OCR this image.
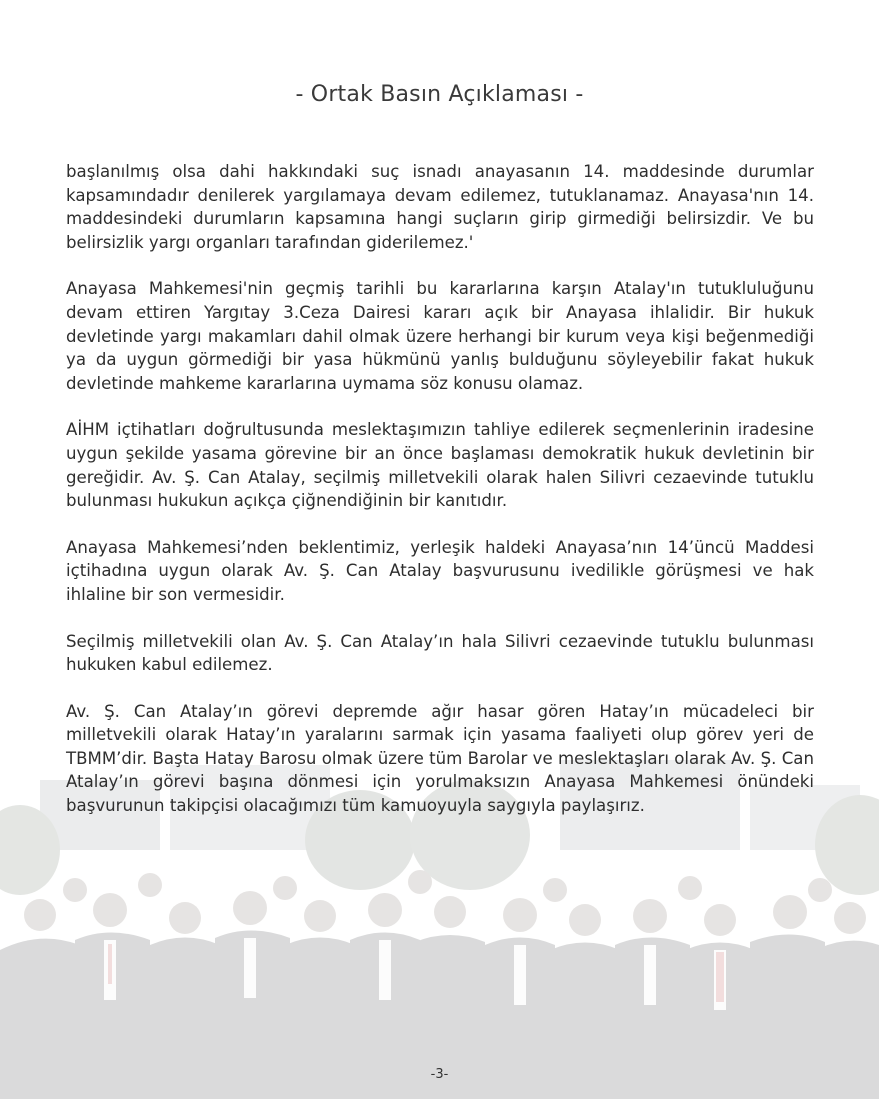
- Ortak Basın Açıklaması -

başlanılmış olsa dahi hakkındaki suç isnadı anayasanın 14. maddesinde durumlar kapsamındadır denilerek yargılamaya devam edilemez, tutuklanamaz. Anayasa'nın 14. maddesindeki durumların kapsamına hangi suçların girip girmediği belirsizdir. Ve bu belirsizlik yargı organları tarafından giderilemez.'

Anayasa Mahkemesi'nin geçmiş tarihli bu kararlarına karşın Atalay'ın tutukluluğunu devam ettiren Yargıtay 3.Ceza Dairesi kararı açık bir Anayasa ihlalidir. Bir hukuk devletinde yargı makamları dahil olmak üzere herhangi bir kurum veya kişi beğenmediği ya da uygun görmediği bir yasa hükmünü yanlış bulduğunu söyleyebilir fakat hukuk devletinde mahkeme kararlarına uymama söz konusu olamaz.

AİHM içtihatları doğrultusunda meslektaşımızın tahliye edilerek seçmenlerinin iradesine uygun şekilde yasama görevine bir an önce başlaması demokratik hukuk devletinin bir gereğidir. Av. Ş. Can Atalay, seçilmiş milletvekili olarak halen Silivri cezaevinde tutuklu bulunması hukukun açıkça çiğnendiğinin bir kanıtıdır.

Anayasa Mahkemesi’nden beklentimiz, yerleşik haldeki Anayasa’nın 14’üncü Maddesi içtihadına uygun olarak Av. Ş. Can Atalay başvurusunu ivedilikle görüşmesi ve hak ihlaline bir son vermesidir.

Seçilmiş milletvekili olan Av. Ş. Can Atalay’ın hala Silivri cezaevinde tutuklu bulunması hukuken kabul edilemez.

Av. Ş. Can Atalay’ın görevi depremde ağır hasar gören Hatay’ın mücadeleci bir milletvekili olarak Hatay’ın yaralarını sarmak için yasama faaliyeti olup görev yeri de TBMM’dir. Başta Hatay Barosu olmak üzere tüm Barolar ve meslektaşları olarak Av. Ş. Can Atalay’ın görevi başına dönmesi için yorulmaksızın Anayasa Mahkemesi önündeki başvurunun takipçisi olacağımızı tüm kamuoyuyla saygıyla paylaşırız.

-3-
